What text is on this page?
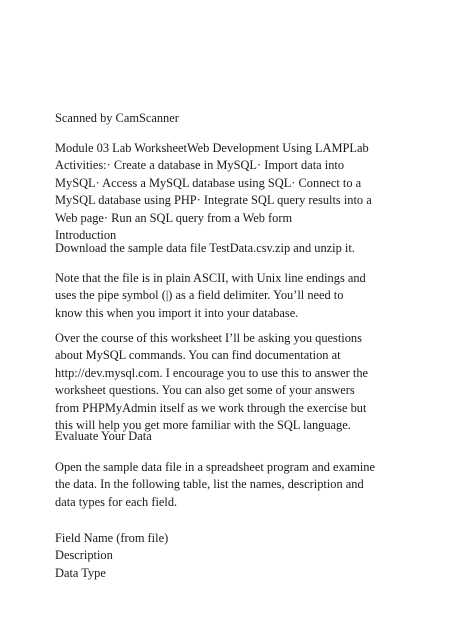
Scanned by CamScanner

Module 03 Lab WorksheetWeb Development Using LAMPLab
Activities:· Create a database in MySQL· Import data into
MySQL· Access a MySQL database using SQL· Connect to a
MySQL database using PHP· Integrate SQL query results into a
Web page· Run an SQL query from a Web form
Introduction

Download the sample data file TestData.csv.zip and unzip it.

Note that the file is in plain ASCII, with Unix line endings and
uses the pipe symbol (|) as a field delimiter. You’ll need to
know this when you import it into your database.
Over the course of this worksheet I’ll be asking you questions
about MySQL commands. You can find documentation at
http://dev.mysql.com. I encourage you to use this to answer the
worksheet questions. You can also get some of your answers
from PHPMyAdmin itself as we work through the exercise but
this will help you get more familiar with the SQL language.

Evaluate Your Data

Open the sample data file in a spreadsheet program and examine
the data. In the following table, list the names, description and
data types for each field.
Field Name (from file)
Description
Data Type
